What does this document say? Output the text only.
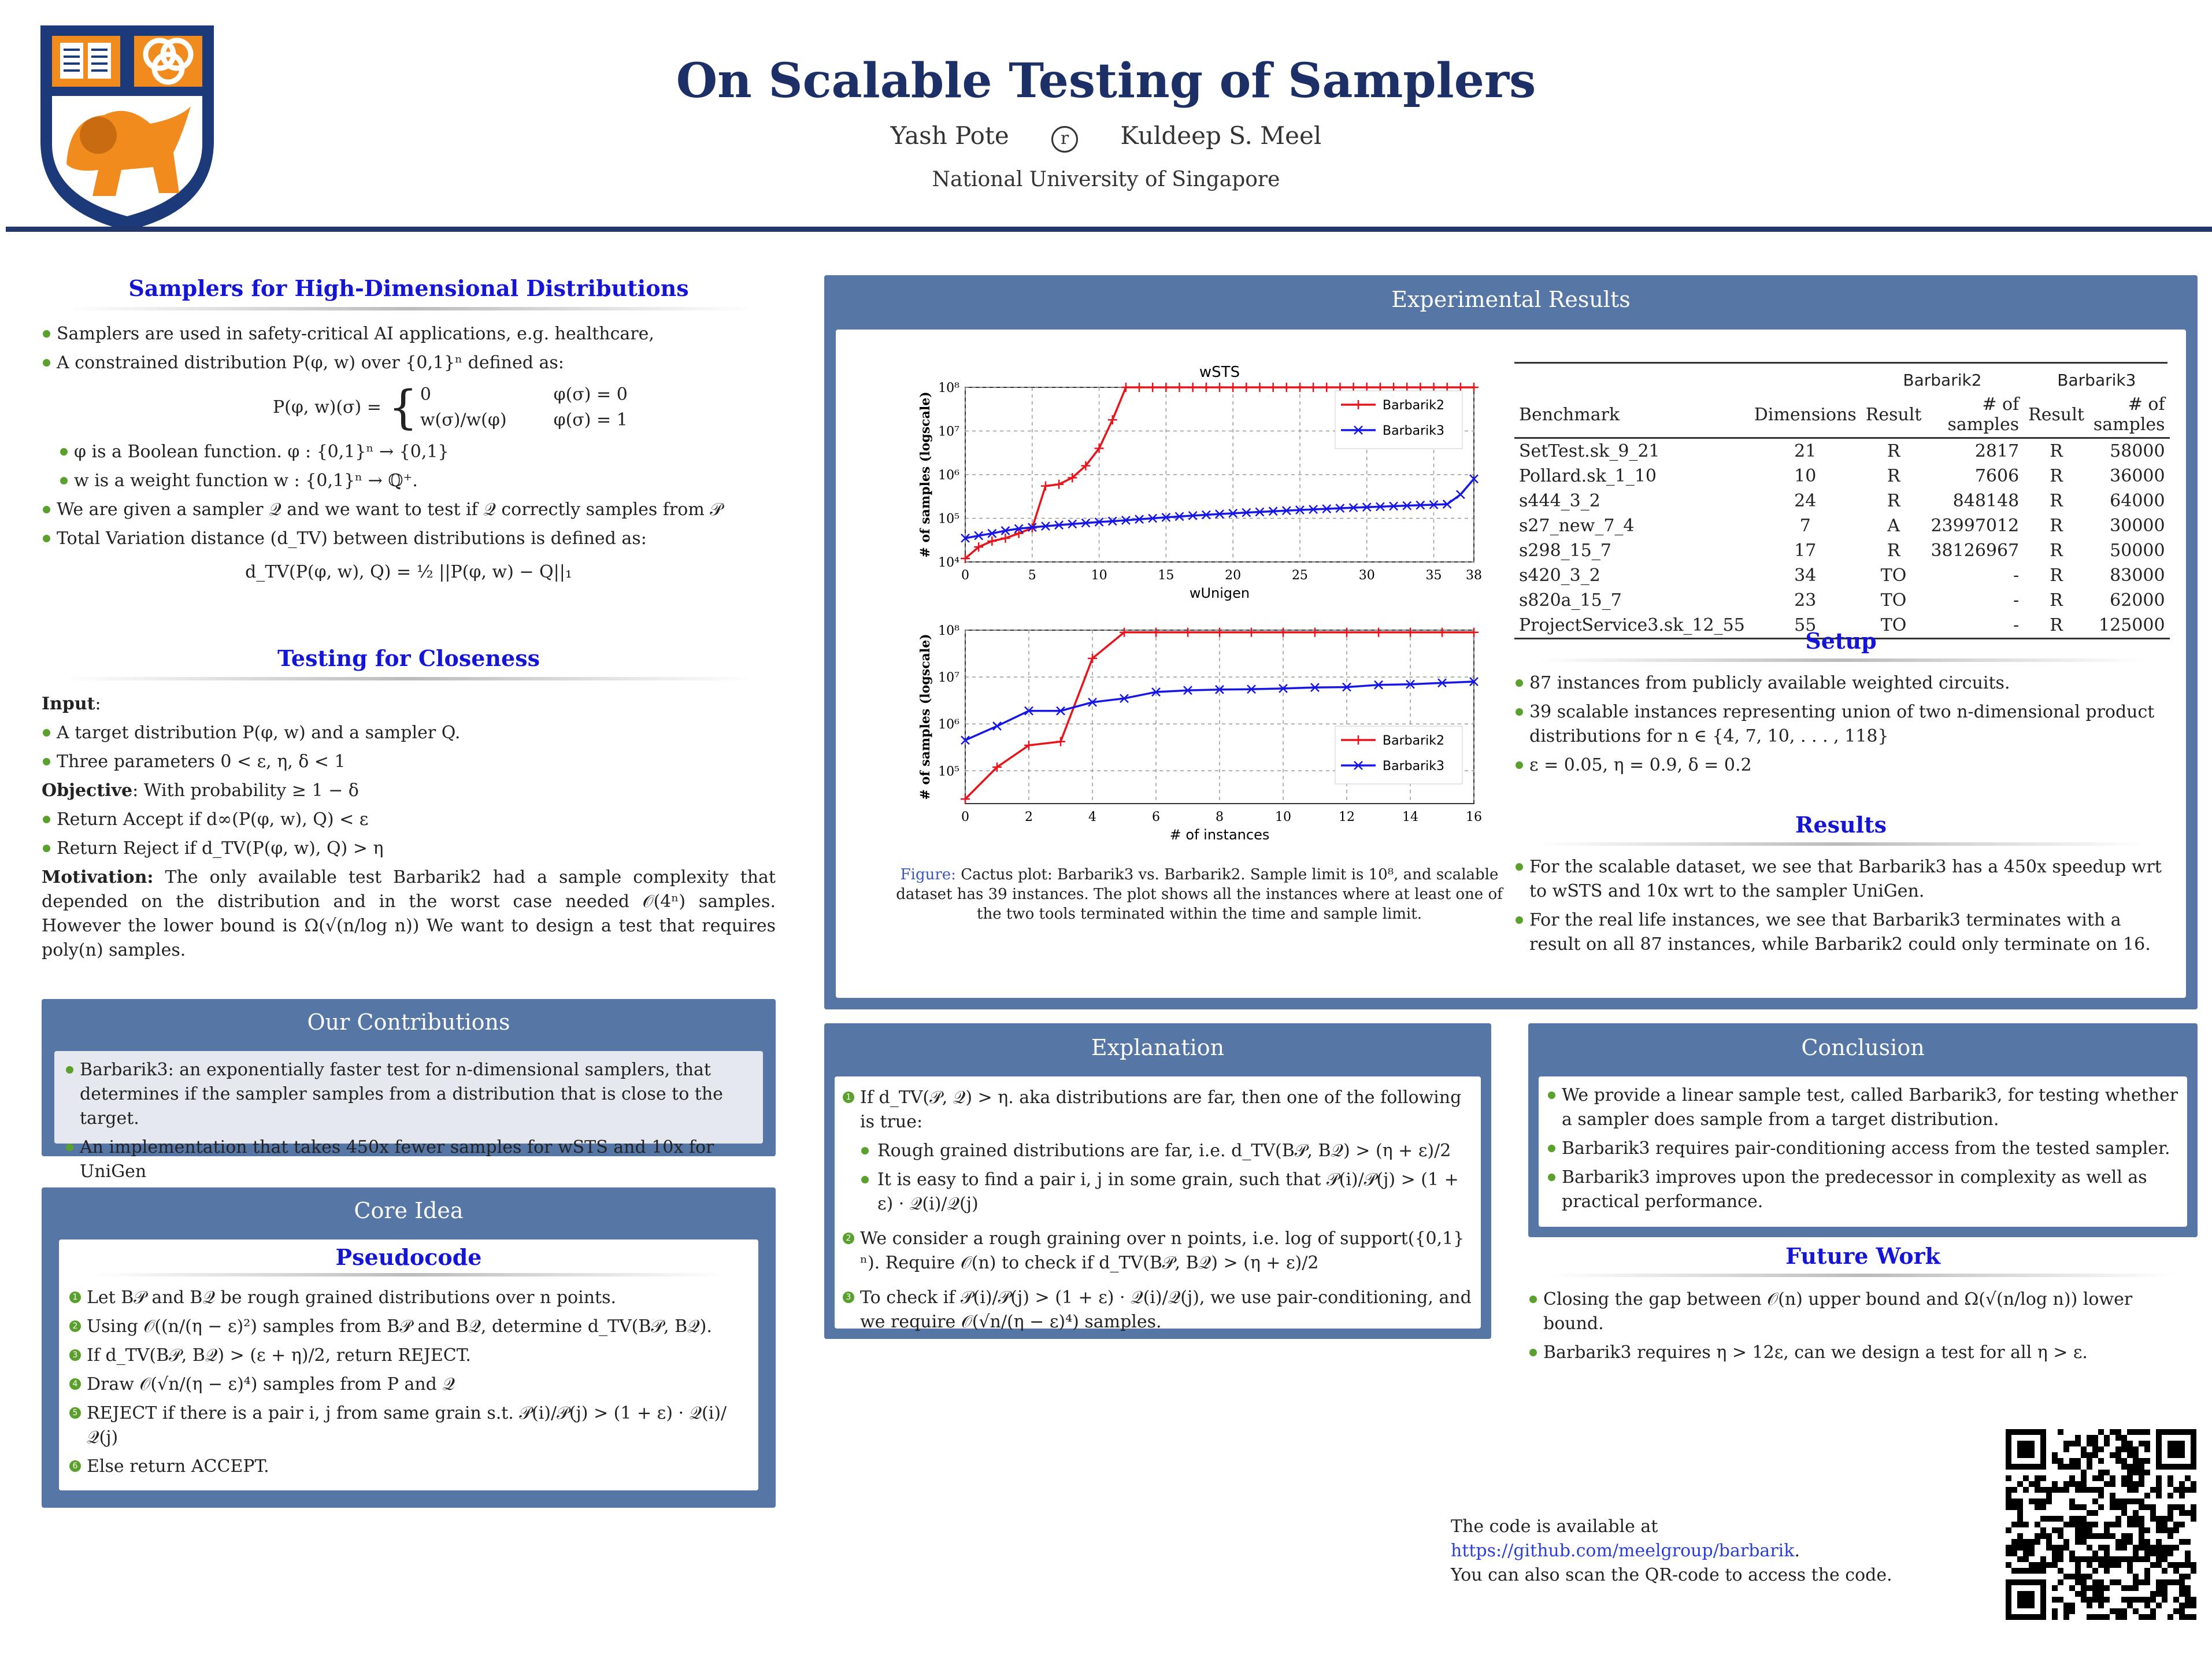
On Scalable Testing of Samplers
Yash Pote	r Kuldeep S. Meel
National University of Singapore
Samplers for High-Dimensional Distributions
Samplers are used in safety-critical AI applications, e.g. healthcare,
A constrained distribution P(φ, w) over {0,1}ⁿ defined as:
P(φ, w)(σ) = { 0	φ(σ) = 0
w(σ)/w(φ)	φ(σ) = 1
φ is a Boolean function. φ : {0,1}ⁿ → {0,1}
w is a weight function w : {0,1}ⁿ → ℚ⁺.
We are given a sampler 𝒬 and we want to test if 𝒬 correctly samples from 𝒫
Total Variation distance (d_TV) between distributions is defined as:
d_TV(P(φ, w), Q) = ½ ||P(φ, w) − Q||₁
Testing for Closeness
Input:
A target distribution P(φ, w) and a sampler Q.
Three parameters 0 < ε, η, δ < 1
Objective: With probability ≥ 1 − δ
Return Accept if d∞(P(φ, w), Q) < ε
Return Reject if d_TV(P(φ, w), Q) > η
Motivation: The only available test Barbarik2 had a sample complexity that depended on the distribution and in the worst case needed 𝒪(4ⁿ) samples. However the lower bound is Ω(√(n/log n)) We want to design a test that requires poly(n) samples.
Our Contributions
Barbarik3: an exponentially faster test for n-dimensional samplers, that determines if the sampler samples from a distribution that is close to the target.
An implementation that takes 450x fewer samples for wSTS and 10x for UniGen
Core Idea
Pseudocode
1 Let B𝒫 and B𝒬 be rough grained distributions over n points.
2 Using 𝒪((n/(η − ε)²) samples from B𝒫 and B𝒬, determine d_TV(B𝒫, B𝒬).
3 If d_TV(B𝒫, B𝒬) > (ε + η)/2, return REJECT.
4 Draw 𝒪(√n/(η − ε)⁴) samples from P and 𝒬
5 REJECT if there is a pair i, j from same grain s.t. 𝒫(i)/𝒫(j) > (1 + ε) · 𝒬(i)/𝒬(j)
6 Else return ACCEPT.
Experimental Results
wSTS
0	5	10	15	20	25	30	35 38
10⁴
10⁵
10⁶
10⁷
10⁸
wUnigen
# of samples (logscale)	Barbarik2
Barbarik3
0	2	4	6	8	10	12	14	16
10⁵
10⁶
10⁷
10⁸
# of instances
# of samples (logscale)	Barbarik2
Barbarik3
Figure: Cactus plot: Barbarik3 vs. Barbarik2. Sample limit is 10⁸, and scalable dataset has 39 instances. The plot shows all the instances where at least one of the two tools terminated within the time and sample limit.
		Barbarik2		Barbarik3	
Benchmark	Dimensions	Result	# of samples	Result	# of samples
SetTest.sk_9_21	21	R	2817	R	58000
Pollard.sk_1_10	10	R	7606	R	36000
s444_3_2	24	R	848148	R	64000
s27_new_7_4	7	A	23997012	R	30000
s298_15_7	17	R	38126967	R	50000
s420_3_2	34	TO	-	R	83000
s820a_15_7	23	TO	-	R	62000
ProjectService3.sk_12_55	55	TO	-	R	125000
Setup
87 instances from publicly available weighted circuits.
39 scalable instances representing union of two n-dimensional product distributions for n ∈ {4, 7, 10, . . . , 118}
ε = 0.05, η = 0.9, δ = 0.2
Results
For the scalable dataset, we see that Barbarik3 has a 450x speedup wrt to wSTS and 10x wrt to the sampler UniGen.
For the real life instances, we see that Barbarik3 terminates with a result on all 87 instances, while Barbarik2 could only terminate on 16.
Explanation
1 If d_TV(𝒫, 𝒬) > η. aka distributions are far, then one of the following is true:
Rough grained distributions are far, i.e. d_TV(B𝒫, B𝒬) > (η + ε)/2
It is easy to find a pair i, j in some grain, such that 𝒫(i)/𝒫(j) > (1 + ε) · 𝒬(i)/𝒬(j)
2 We consider a rough graining over n points, i.e. log of support({0,1}ⁿ). Require 𝒪(n) to check if d_TV(B𝒫, B𝒬) > (η + ε)/2
3 To check if 𝒫(i)/𝒫(j) > (1 + ε) · 𝒬(i)/𝒬(j), we use pair-conditioning, and we require 𝒪(√n/(η − ε)⁴) samples.
Conclusion
We provide a linear sample test, called Barbarik3, for testing whether a sampler does sample from a target distribution.
Barbarik3 requires pair-conditioning access from the tested sampler.
Barbarik3 improves upon the predecessor in complexity as well as practical performance.
Future Work
Closing the gap between 𝒪(n) upper bound and Ω(√(n/log n)) lower bound.
Barbarik3 requires η > 12ε, can we design a test for all η > ε.
The code is available at https://github.com/meelgroup/barbarik.
You can also scan the QR-code to access the code.
